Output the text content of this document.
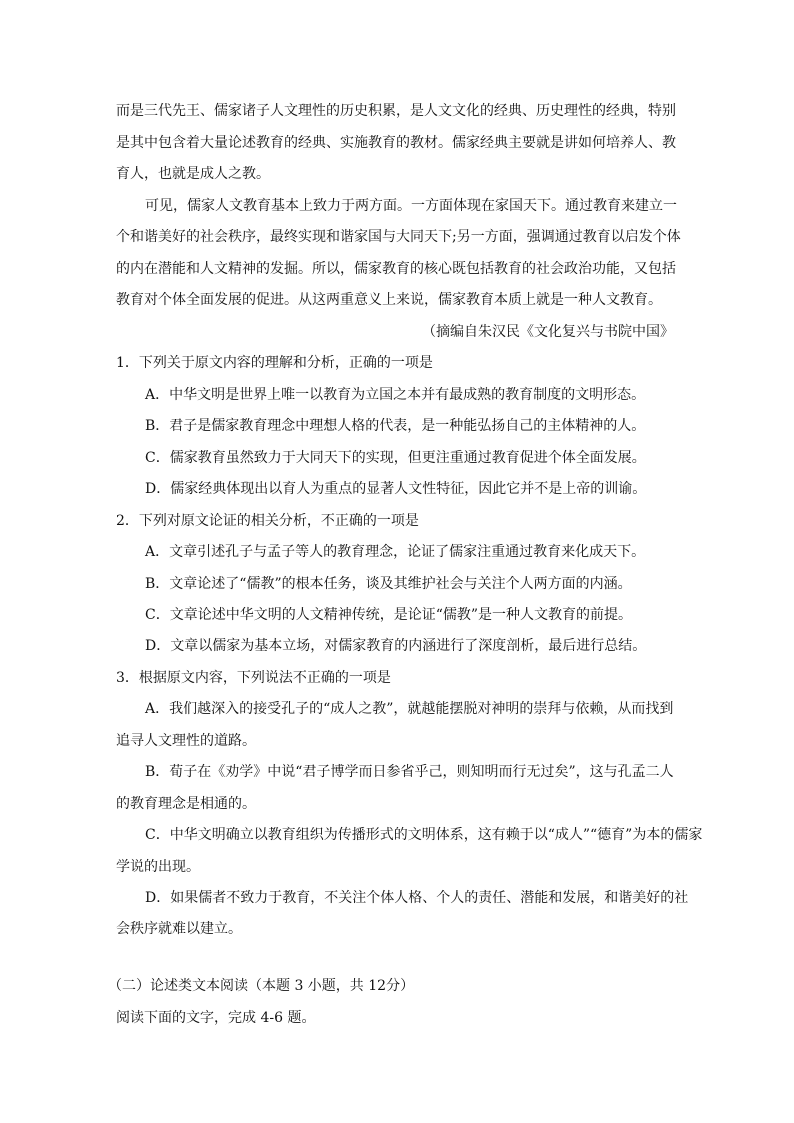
而是三代先王、儒家诸子人文理性的历史积累，是人文文化的经典、历史理性的经典，特别
是其中包含着大量论述教育的经典、实施教育的教材。儒家经典主要就是讲如何培养人、教
育人，也就是成人之教。
可见，儒家人文教育基本上致力于两方面。一方面体现在家国天下。通过教育来建立一
个和谐美好的社会秩序，最终实现和谐家国与大同天下;另一方面，强调通过教育以启发个体
的内在潜能和人文精神的发掘。所以，儒家教育的核心既包括教育的社会政治功能，又包括
教育对个体全面发展的促进。从这两重意义上来说，儒家教育本质上就是一种人文教育。
（摘编自朱汉民《文化复兴与书院中国》
1．下列关于原文内容的理解和分析，正确的一项是
A．中华文明是世界上唯一以教育为立国之本并有最成熟的教育制度的文明形态。
B．君子是儒家教育理念中理想人格的代表，是一种能弘扬自己的主体精神的人。
C．儒家教育虽然致力于大同天下的实现，但更注重通过教育促进个体全面发展。
D．儒家经典体现出以育人为重点的显著人文性特征，因此它并不是上帝的训谕。
2．下列对原文论证的相关分析，不正确的一项是
A．文章引述孔子与孟子等人的教育理念，论证了儒家注重通过教育来化成天下。
B．文章论述了“儒教”的根本任务，谈及其维护社会与关注个人两方面的内涵。
C．文章论述中华文明的人文精神传统，是论证“儒教”是一种人文教育的前提。
D．文章以儒家为基本立场，对儒家教育的内涵进行了深度剖析，最后进行总结。
3．根据原文内容，下列说法不正确的一项是
A．我们越深入的接受孔子的“成人之教”，就越能摆脱对神明的崇拜与依赖，从而找到
追寻人文理性的道路。
B．荀子在《劝学》中说“君子博学而日参省乎己，则知明而行无过矣”，这与孔孟二人
的教育理念是相通的。
C．中华文明确立以教育组织为传播形式的文明体系，这有赖于以“成人”“德育”为本的儒家
学说的出现。
D．如果儒者不致力于教育，不关注个体人格、个人的责任、潜能和发展，和谐美好的社
会秩序就难以建立。
（二）论述类文本阅读（本题 3 小题，共 12分）
阅读下面的文字，完成 4-6 题。
